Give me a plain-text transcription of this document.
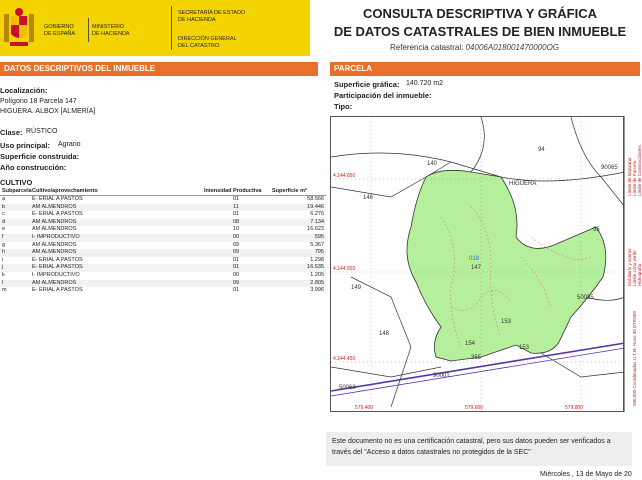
GOBIERNO
DE ESPAÑA
MINISTERIO
DE HACIENDA
SECRETARÍA DE ESTADO
DE HACIENDA
DIRECCIÓN GENERAL
DEL CATASTRO
CONSULTA DESCRIPTIVA Y GRÁFICA
DE DATOS CATASTRALES DE BIEN INMUEBLE
Referencia catastral: 04006A018001470000OG
DATOS DESCRIPTIVOS DEL INMUEBLE	PARCELA
Localización:
Polígono 18 Parcela 147
HIGUERA. ALBOX [ALMERÍA]
Clase: RÚSTICO
Uso principal: Agrario
Superficie construida:
Año construcción:
CULTIVO
Subparcela	Cultivo/aprovechamiento	Intensidad Productiva	Superficie m²
a	E- ERIAL A PASTOS	01	58.566
b	AM ALMENDROS	11	19.446
c	E- ERIAL A PASTOS	01	6.276
d	AM ALMENDROS	08	7.134
e	AM ALMENDROS	10	16.623
f	I- IMPRODUCTIVO	00	595
g	AM ALMENDROS	09	5.367
h	AM ALMENDROS	09	795
i	E- ERIAL A PASTOS	01	1.298
j	E- ERIAL A PASTOS	01	16.535
k	I- IMPRODUCTIVO	00	1.205
l	AM ALMENDROS	09	2.805
m	E- ERIAL A PASTOS	01	3.996
Superficie gráfica: 140.720 m2
Participación del inmueble:
Tipo:
140
94
90065
HIGUERA
146
95
018
147
149
50035
148
153
154
153
355
50068
90001
4.144.650
4.144.550
4.144.450
579.400	579.600	579.800
Límite de Manzana Límite de Parcela Límite de Construcciones
Mobiliario y aceras Límite zona verde Hidrografía
500.000 Coordenadas U.T.M. Huso 30 ETRS89
Este documento no es una certificación catastral, pero sus datos pueden ser verificados a través del "Acceso a datos catastrales no protegidos de la SEC"
Miércoles , 13 de Mayo de 20
